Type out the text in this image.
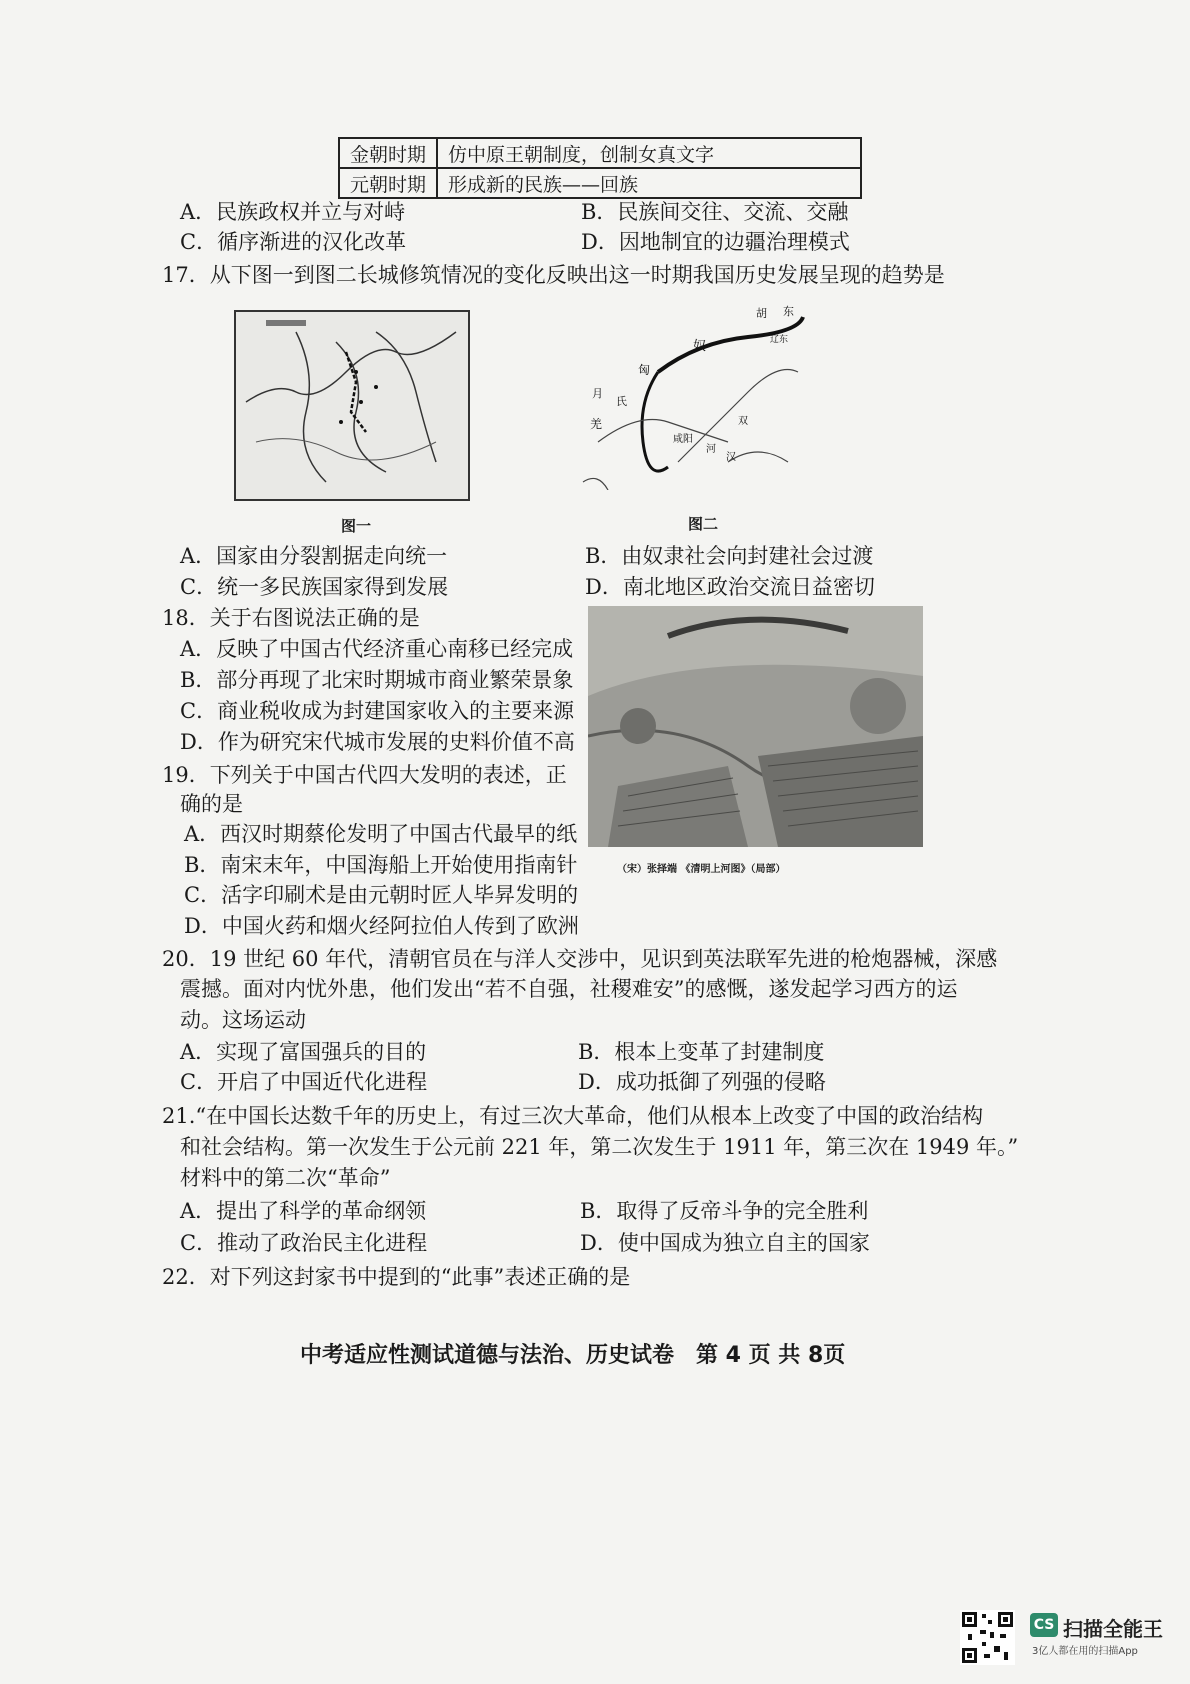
金朝时期	仿中原王朝制度，创制女真文字
元朝时期	形成新的民族——回族
A．民族政权并立与对峙	B．民族间交往、交流、交融
C．循序渐进的汉化改革	D．因地制宜的边疆治理模式
17．从下图一到图二长城修筑情况的变化反映出这一时期我国历史发展呈现的趋势是
图一
胡 东
奴
匈
辽东
咸阳
月
氏
羌	双
河
汉
图二
A．国家由分裂割据走向统一	B．由奴隶社会向封建社会过渡
C．统一多民族国家得到发展	D．南北地区政治交流日益密切
18．关于右图说法正确的是
A．反映了中国古代经济重心南移已经完成
B．部分再现了北宋时期城市商业繁荣景象
C．商业税收成为封建国家收入的主要来源
D．作为研究宋代城市发展的史料价值不高
（宋）张择端 《清明上河图》（局部）
19．下列关于中国古代四大发明的表述，正
确的是
A．西汉时期蔡伦发明了中国古代最早的纸
B．南宋末年，中国海船上开始使用指南针
C．活字印刷术是由元朝时匠人毕昇发明的
D．中国火药和烟火经阿拉伯人传到了欧洲
20．19 世纪 60 年代，清朝官员在与洋人交涉中，见识到英法联军先进的枪炮器械，深感
震撼。面对内忧外患，他们发出“若不自强，社稷难安”的感慨，遂发起学习西方的运
动。这场运动
A．实现了富国强兵的目的	B．根本上变革了封建制度
C．开启了中国近代化进程	D．成功抵御了列强的侵略
21.“在中国长达数千年的历史上，有过三次大革命，他们从根本上改变了中国的政治结构
和社会结构。第一次发生于公元前 221 年，第二次发生于 1911 年，第三次在 1949 年。”
材料中的第二次“革命”
A．提出了科学的革命纲领	B．取得了反帝斗争的完全胜利
C．推动了政治民主化进程	D．使中国成为独立自主的国家
22．对下列这封家书中提到的“此事”表述正确的是
中考适应性测试道德与法治、历史试卷　第 4 页 共 8页
CS 扫描全能王
3亿人都在用的扫描App
